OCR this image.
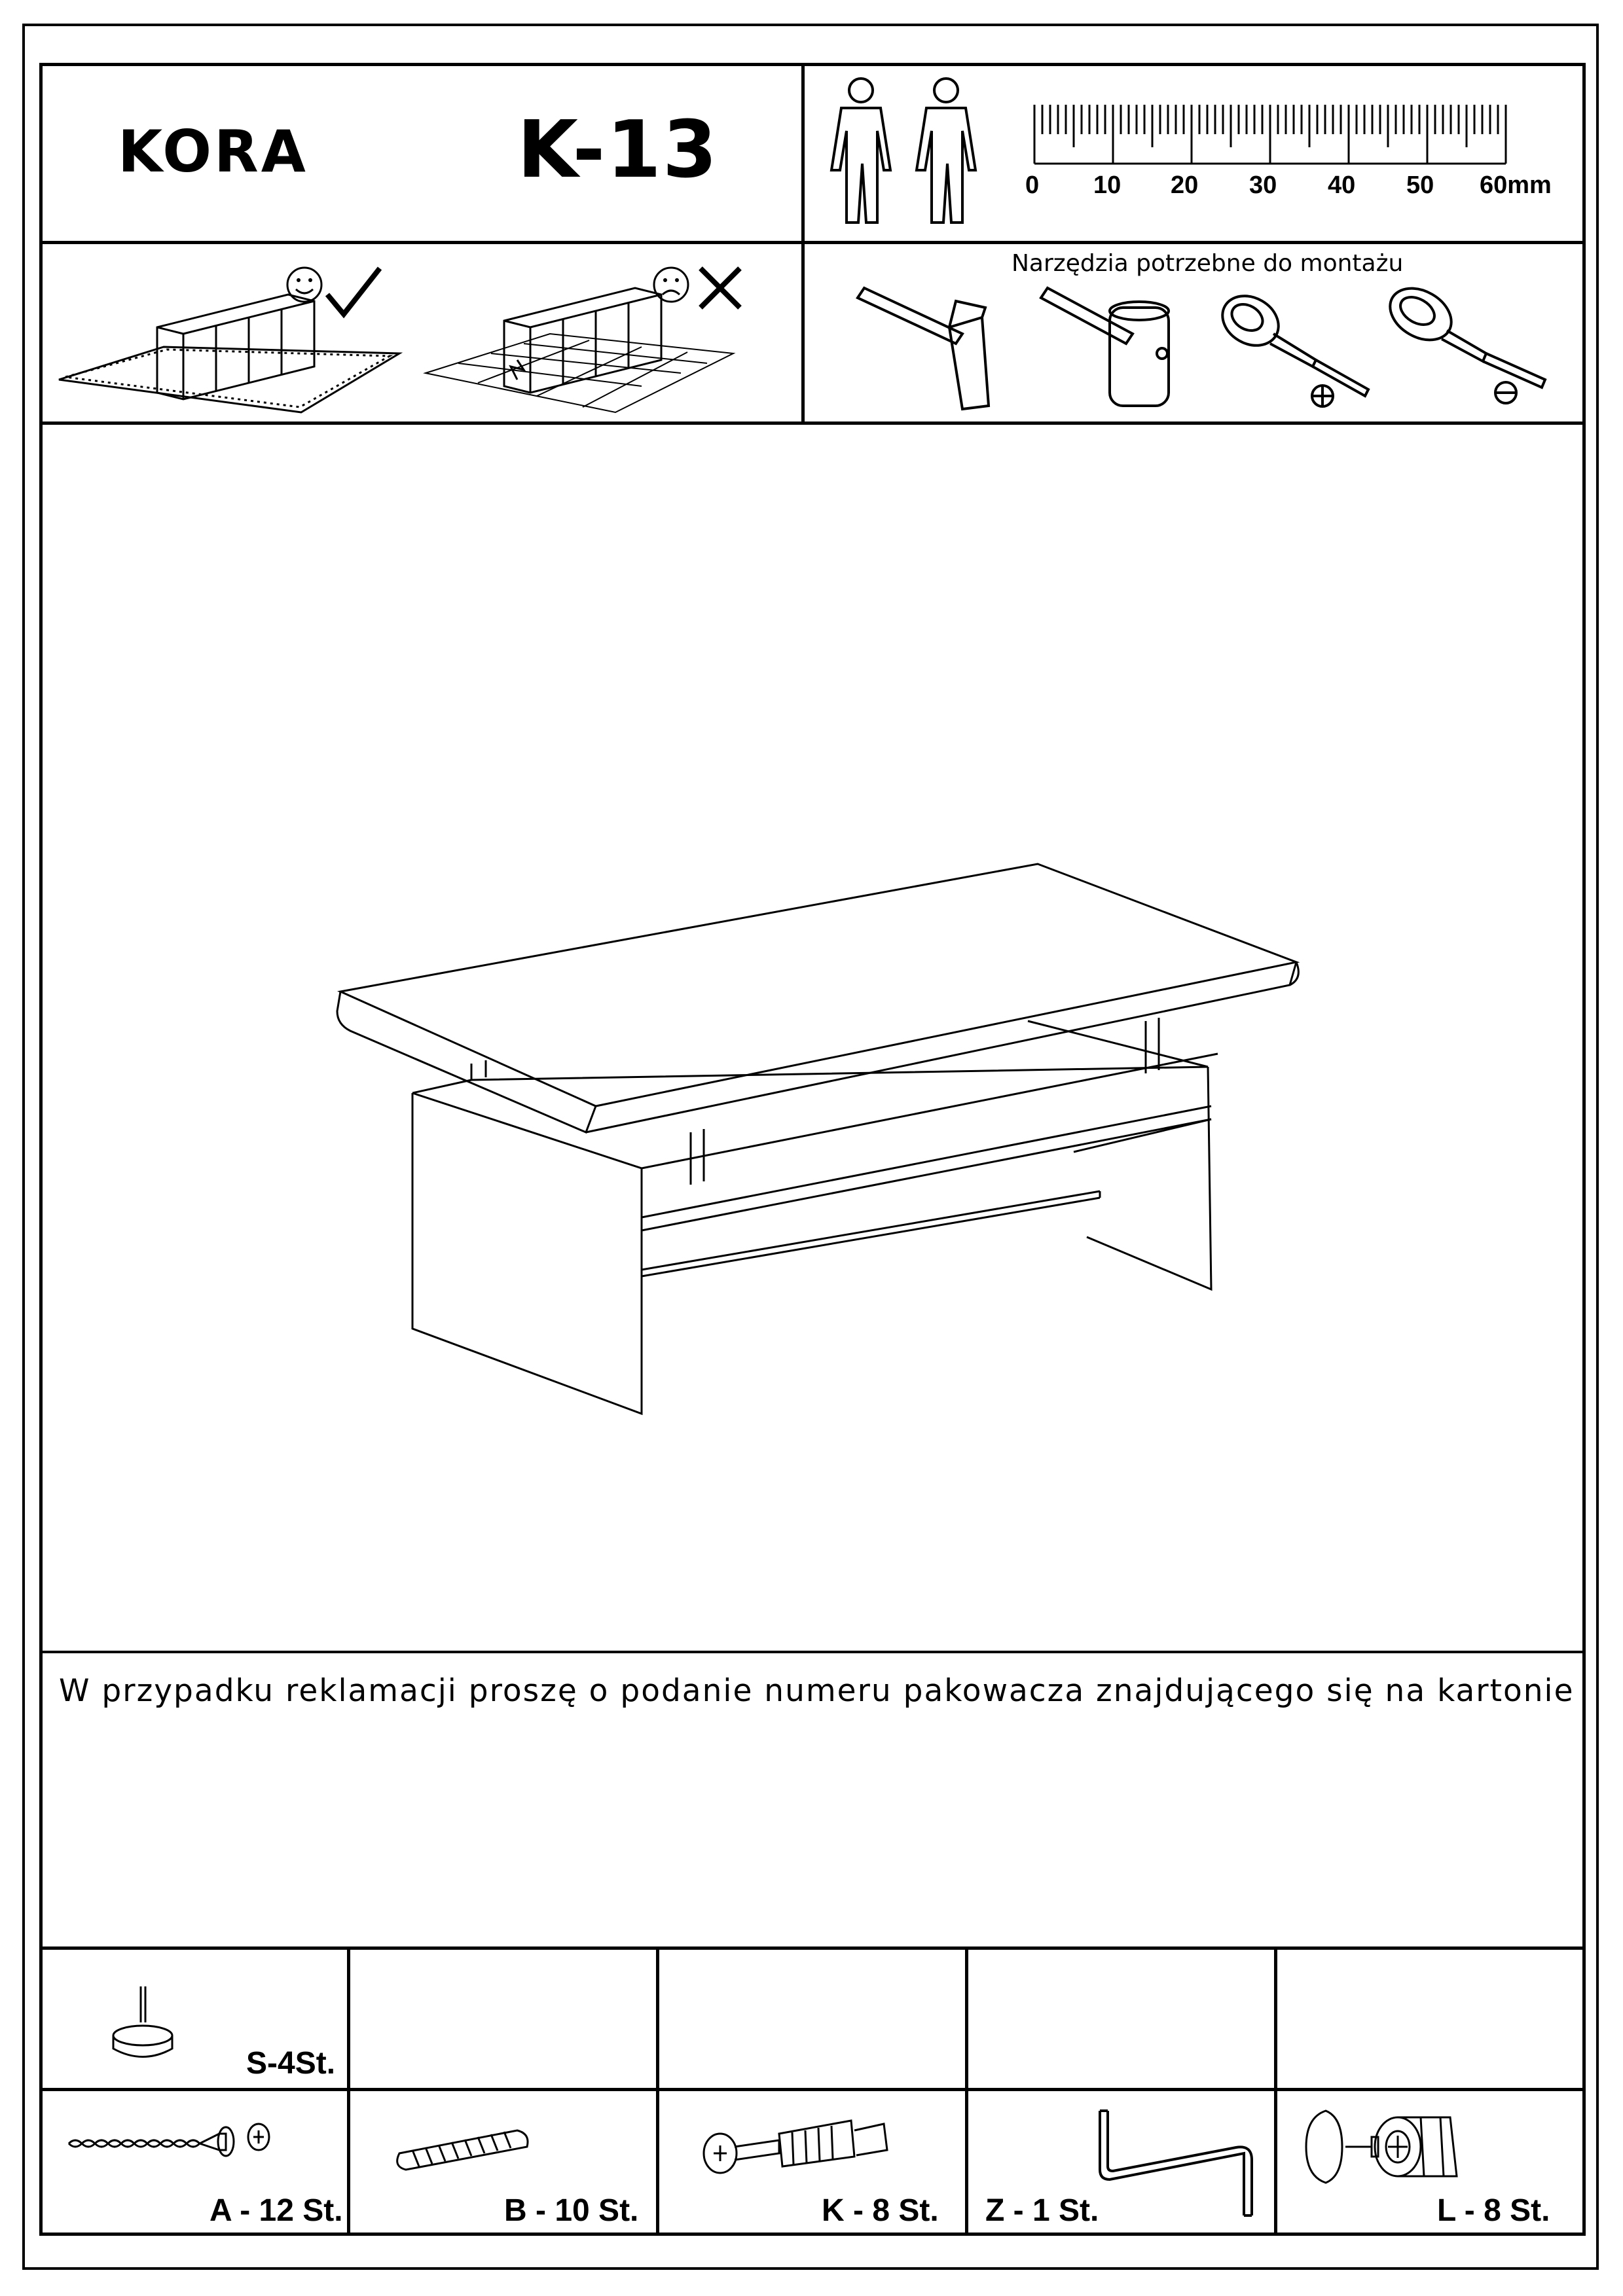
KORA	K-13	0 10 20 30 40 50 60mm
Narzędzia potrzebne do montażu
W przypadku reklamacji proszę o podanie numeru pakowacza znajdującego się na kartonie
S-4St.
A - 12 St.	B - 10 St.	K - 8 St. Z - 1 St.	L - 8 St.
